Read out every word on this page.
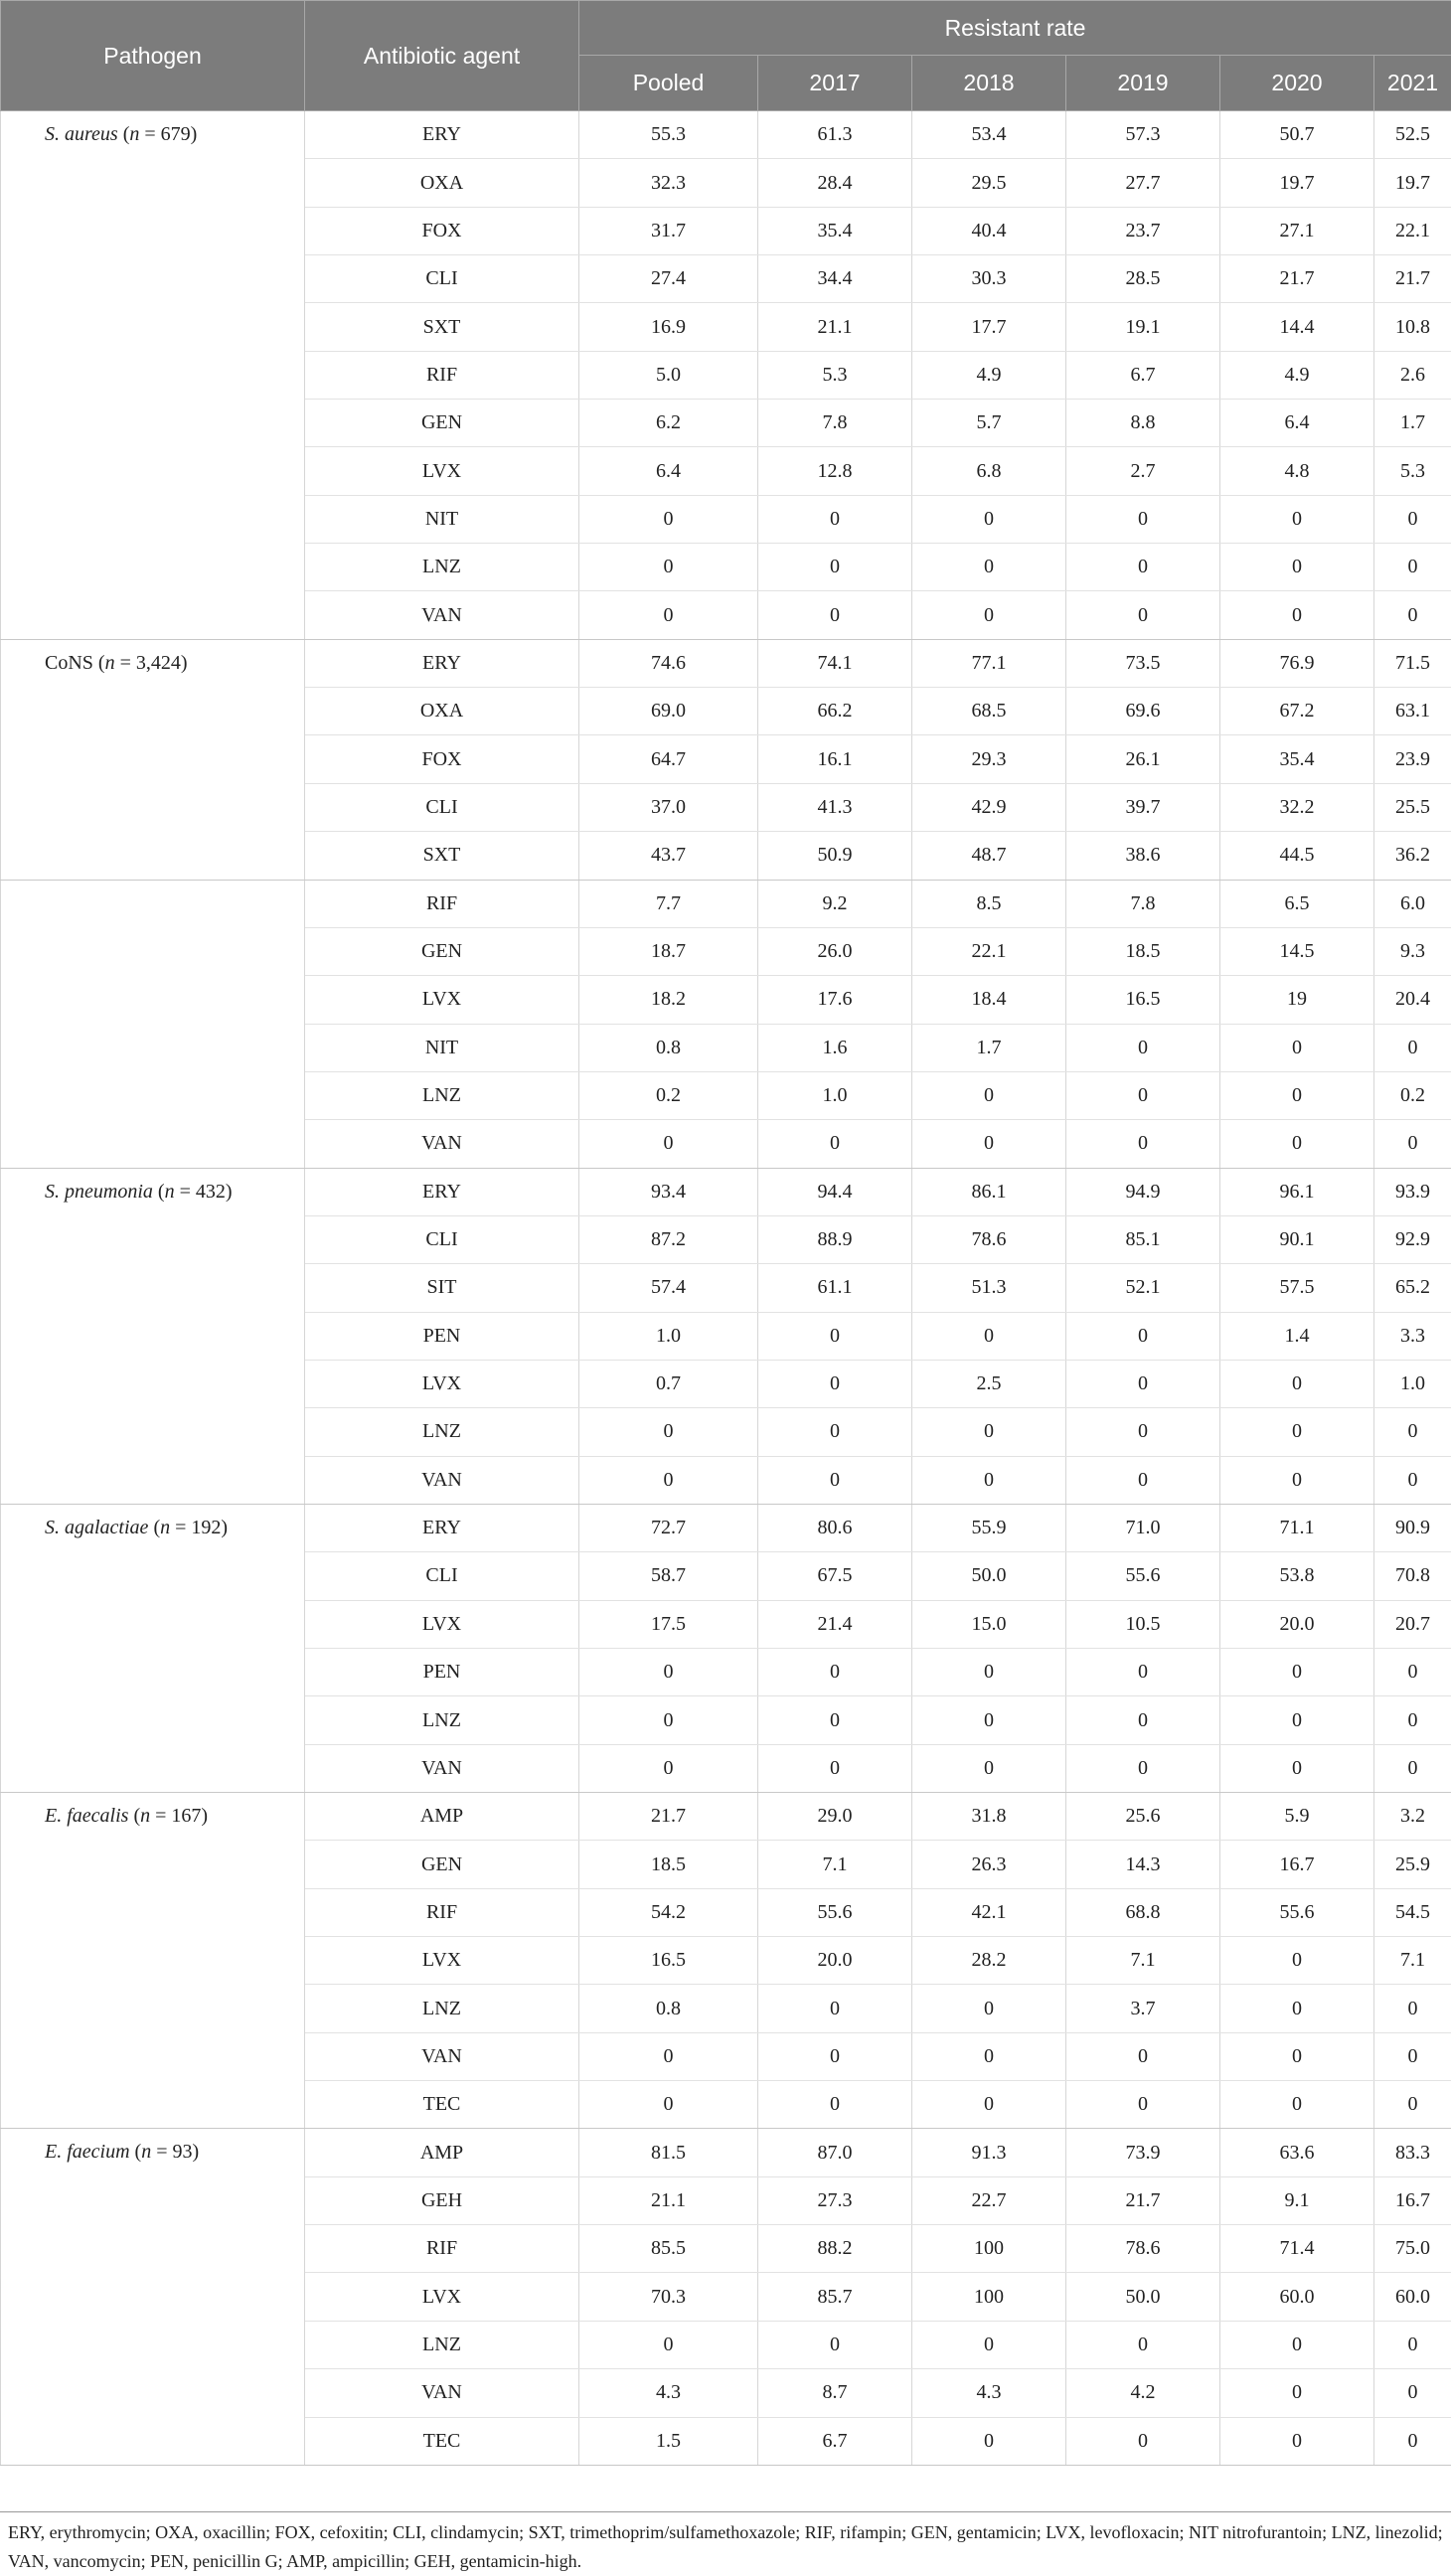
Pathogen	Antibiotic agent	Resistant rate					
		Pooled	2017	2018	2019	2020	2021
S. aureus (n = 679)	ERY	55.3	61.3	53.4	57.3	50.7	52.5
	OXA	32.3	28.4	29.5	27.7	19.7	19.7
	FOX	31.7	35.4	40.4	23.7	27.1	22.1
	CLI	27.4	34.4	30.3	28.5	21.7	21.7
	SXT	16.9	21.1	17.7	19.1	14.4	10.8
	RIF	5.0	5.3	4.9	6.7	4.9	2.6
	GEN	6.2	7.8	5.7	8.8	6.4	1.7
	LVX	6.4	12.8	6.8	2.7	4.8	5.3
	NIT	0	0	0	0	0	0
	LNZ	0	0	0	0	0	0
	VAN	0	0	0	0	0	0
CoNS (n = 3,424)	ERY	74.6	74.1	77.1	73.5	76.9	71.5
	OXA	69.0	66.2	68.5	69.6	67.2	63.1
	FOX	64.7	16.1	29.3	26.1	35.4	23.9
	CLI	37.0	41.3	42.9	39.7	32.2	25.5
	SXT	43.7	50.9	48.7	38.6	44.5	36.2
	RIF	7.7	9.2	8.5	7.8	6.5	6.0
	GEN	18.7	26.0	22.1	18.5	14.5	9.3
	LVX	18.2	17.6	18.4	16.5	19	20.4
	NIT	0.8	1.6	1.7	0	0	0
	LNZ	0.2	1.0	0	0	0	0.2
	VAN	0	0	0	0	0	0
S. pneumonia (n = 432)	ERY	93.4	94.4	86.1	94.9	96.1	93.9
	CLI	87.2	88.9	78.6	85.1	90.1	92.9
	SIT	57.4	61.1	51.3	52.1	57.5	65.2
	PEN	1.0	0	0	0	1.4	3.3
	LVX	0.7	0	2.5	0	0	1.0
	LNZ	0	0	0	0	0	0
	VAN	0	0	0	0	0	0
S. agalactiae (n = 192)	ERY	72.7	80.6	55.9	71.0	71.1	90.9
	CLI	58.7	67.5	50.0	55.6	53.8	70.8
	LVX	17.5	21.4	15.0	10.5	20.0	20.7
	PEN	0	0	0	0	0	0
	LNZ	0	0	0	0	0	0
	VAN	0	0	0	0	0	0
E. faecalis (n = 167)	AMP	21.7	29.0	31.8	25.6	5.9	3.2
	GEN	18.5	7.1	26.3	14.3	16.7	25.9
	RIF	54.2	55.6	42.1	68.8	55.6	54.5
	LVX	16.5	20.0	28.2	7.1	0	7.1
	LNZ	0.8	0	0	3.7	0	0
	VAN	0	0	0	0	0	0
	TEC	0	0	0	0	0	0
E. faecium (n = 93)	AMP	81.5	87.0	91.3	73.9	63.6	83.3
	GEH	21.1	27.3	22.7	21.7	9.1	16.7
	RIF	85.5	88.2	100	78.6	71.4	75.0
	LVX	70.3	85.7	100	50.0	60.0	60.0
	LNZ	0	0	0	0	0	0
	VAN	4.3	8.7	4.3	4.2	0	0
	TEC	1.5	6.7	0	0	0	0
ERY, erythromycin; OXA, oxacillin; FOX, cefoxitin; CLI, clindamycin; SXT, trimethoprim/sulfamethoxazole; RIF, rifampin; GEN, gentamicin; LVX, levofloxacin; NIT nitrofurantoin; LNZ, linezolid; VAN, vancomycin; PEN, penicillin G; AMP, ampicillin; GEH, gentamicin-high.
